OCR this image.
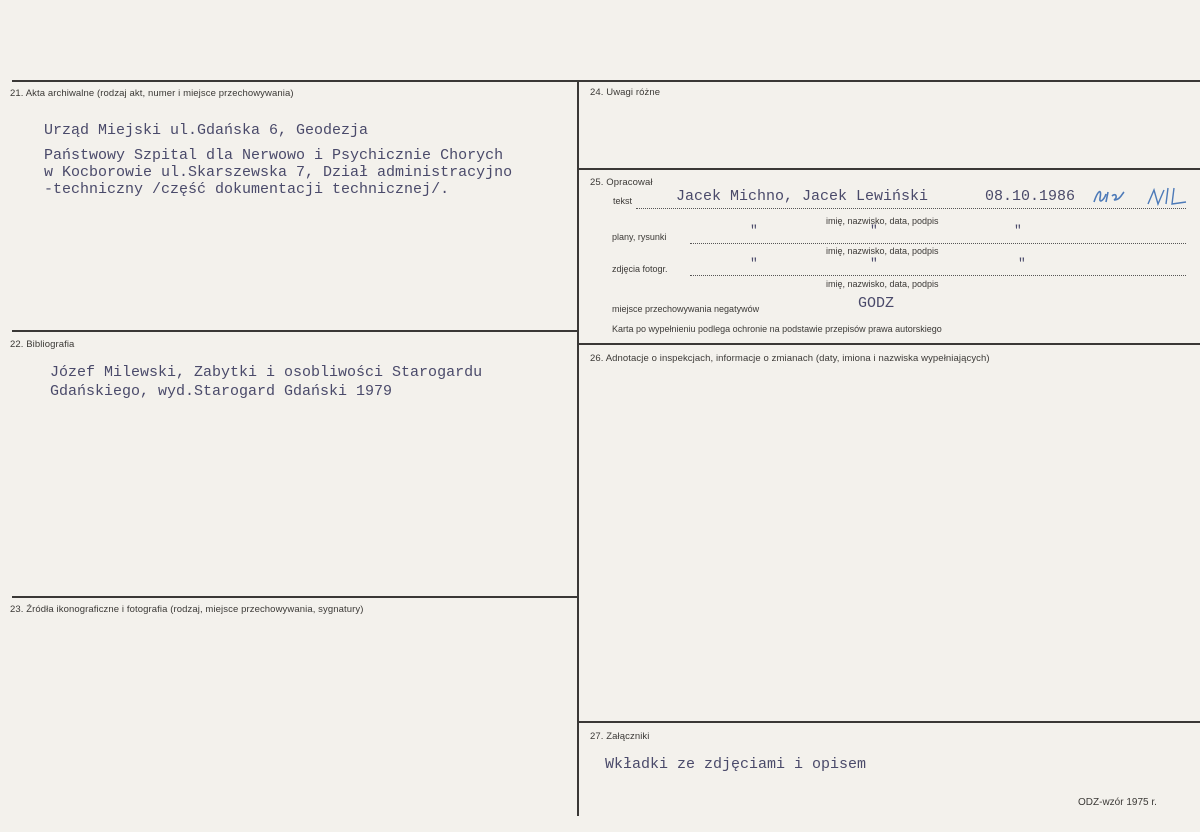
21. Akta archiwalne (rodzaj akt, numer i miejsce przechowywania)
Urząd Miejski ul.Gdańska 6, Geodezja
Państwowy Szpital dla Nerwowo i Psychicznie Chorych
w Kocborowie ul.Skarszewska 7, Dział administracyjno
-techniczny /część dokumentacji technicznej/.
22. Bibliografia
Józef Milewski, Zabytki i osobliwości Starogardu
Gdańskiego, wyd.Starogard Gdański 1979
23. Źródła ikonograficzne i fotografia (rodzaj, miejsce przechowywania, sygnatury)
24. Uwagi różne
25. Opracował
tekst	Jacek Michno, Jacek Lewiński	08.10.1986
imię, nazwisko, data, podpis
plany, rysunki	"	"	"
imię, nazwisko, data, podpis
zdjęcia fotogr.	"	"	"
imię, nazwisko, data, podpis
miejsce przechowywania negatywów	GODZ
Karta po wypełnieniu podlega ochronie na podstawie przepisów prawa autorskiego
26. Adnotacje o inspekcjach, informacje o zmianach (daty, imiona i nazwiska wypełniających)
27. Załączniki
Wkładki ze zdjęciami i opisem
ODZ-wzór 1975 r.
